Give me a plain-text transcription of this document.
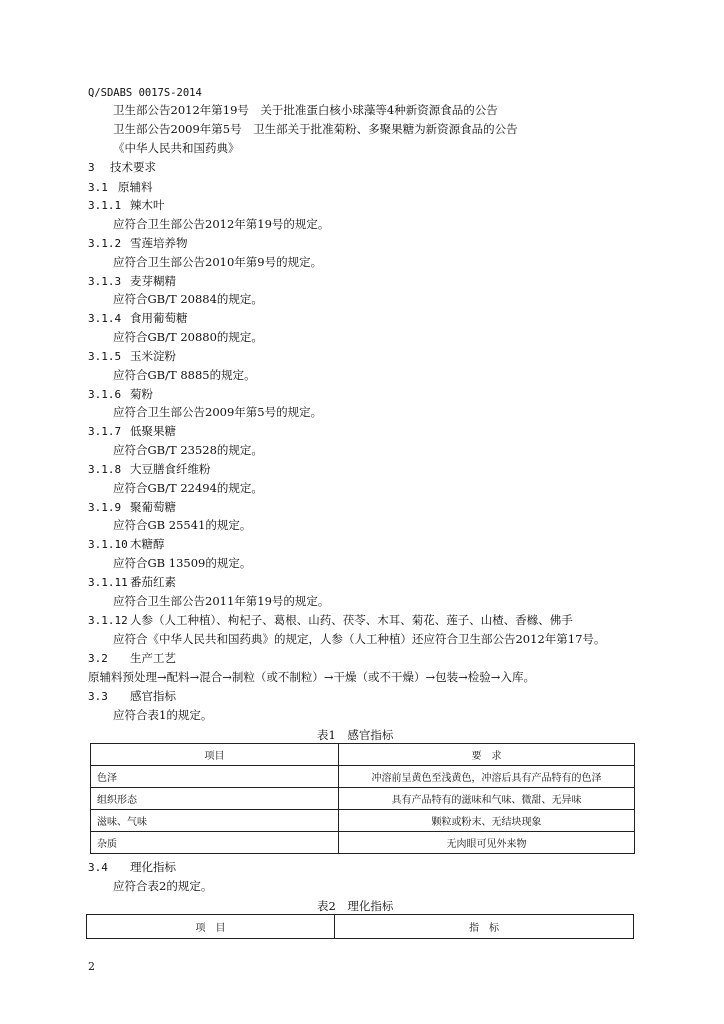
Q/SDABS 0017S-2014
卫生部公告2012年第19号　关于批准蛋白核小球藻等4种新资源食品的公告
卫生部公告2009年第5号　卫生部关于批准菊粉、多聚果糖为新资源食品的公告
《中华人民共和国药典》
3 技术要求
3.1 原辅料
3.1.1 辣木叶
应符合卫生部公告2012年第19号的规定。
3.1.2 雪莲培养物
应符合卫生部公告2010年第9号的规定。
3.1.3 麦芽糊精
应符合GB/T 20884的规定。
3.1.4 食用葡萄糖
应符合GB/T 20880的规定。
3.1.5 玉米淀粉
应符合GB/T 8885的规定。
3.1.6 菊粉
应符合卫生部公告2009年第5号的规定。
3.1.7 低聚果糖
应符合GB/T 23528的规定。
3.1.8 大豆膳食纤维粉
应符合GB/T 22494的规定。
3.1.9 聚葡萄糖
应符合GB 25541的规定。
3.1.10 木糖醇
应符合GB 13509的规定。
3.1.11 番茄红素
应符合卫生部公告2011年第19号的规定。
3.1.12 人参（人工种植）、枸杞子、葛根、山药、茯苓、木耳、菊花、莲子、山楂、香橼、佛手
应符合《中华人民共和国药典》的规定，人参（人工种植）还应符合卫生部公告2012年第17号。
3.2 生产工艺
原辅料预处理→配料→混合→制粒（或不制粒）→干燥（或不干燥）→包装→检验→入库。
3.3 感官指标
应符合表1的规定。
表1　感官指标
项目	要　求
色泽	冲溶前呈黄色至浅黄色，冲溶后具有产品特有的色泽
组织形态	具有产品特有的滋味和气味、微甜、无异味
滋味、气味	颗粒或粉末、无结块现象
杂质	无肉眼可见外来物
3.4 理化指标
应符合表2的规定。
表2　理化指标
项　目	指　标
2
